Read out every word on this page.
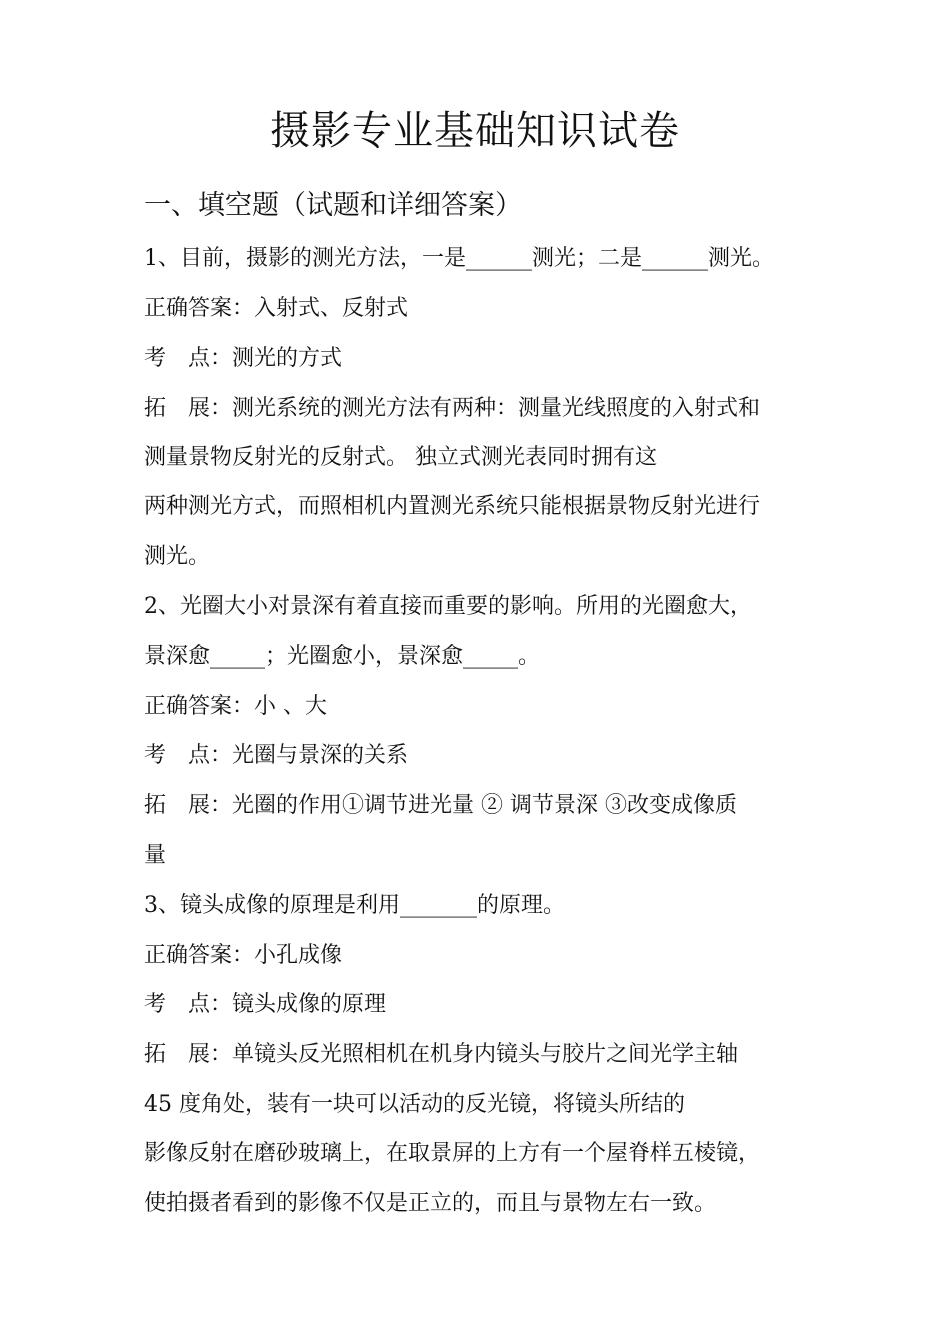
摄影专业基础知识试卷
一、填空题（试题和详细答案）
1、目前，摄影的测光方法，一是______测光；二是______测光。
正确答案：入射式、反射式
考　点：测光的方式
拓　展：测光系统的测光方法有两种：测量光线照度的入射式和
测量景物反射光的反射式。 独立式测光表同时拥有这
两种测光方式，而照相机内置测光系统只能根据景物反射光进行
测光。
2、光圈大小对景深有着直接而重要的影响。所用的光圈愈大，
景深愈_____；光圈愈小，景深愈_____。
正确答案：小 、大
考　点：光圈与景深的关系
拓　展：光圈的作用①调节进光量 ② 调节景深 ③改变成像质
量
3、镜头成像的原理是利用_______的原理。
正确答案：小孔成像
考　点：镜头成像的原理
拓　展：单镜头反光照相机在机身内镜头与胶片之间光学主轴
45 度角处，装有一块可以活动的反光镜，将镜头所结的
影像反射在磨砂玻璃上，在取景屏的上方有一个屋脊样五棱镜，
使拍摄者看到的影像不仅是正立的，而且与景物左右一致。
